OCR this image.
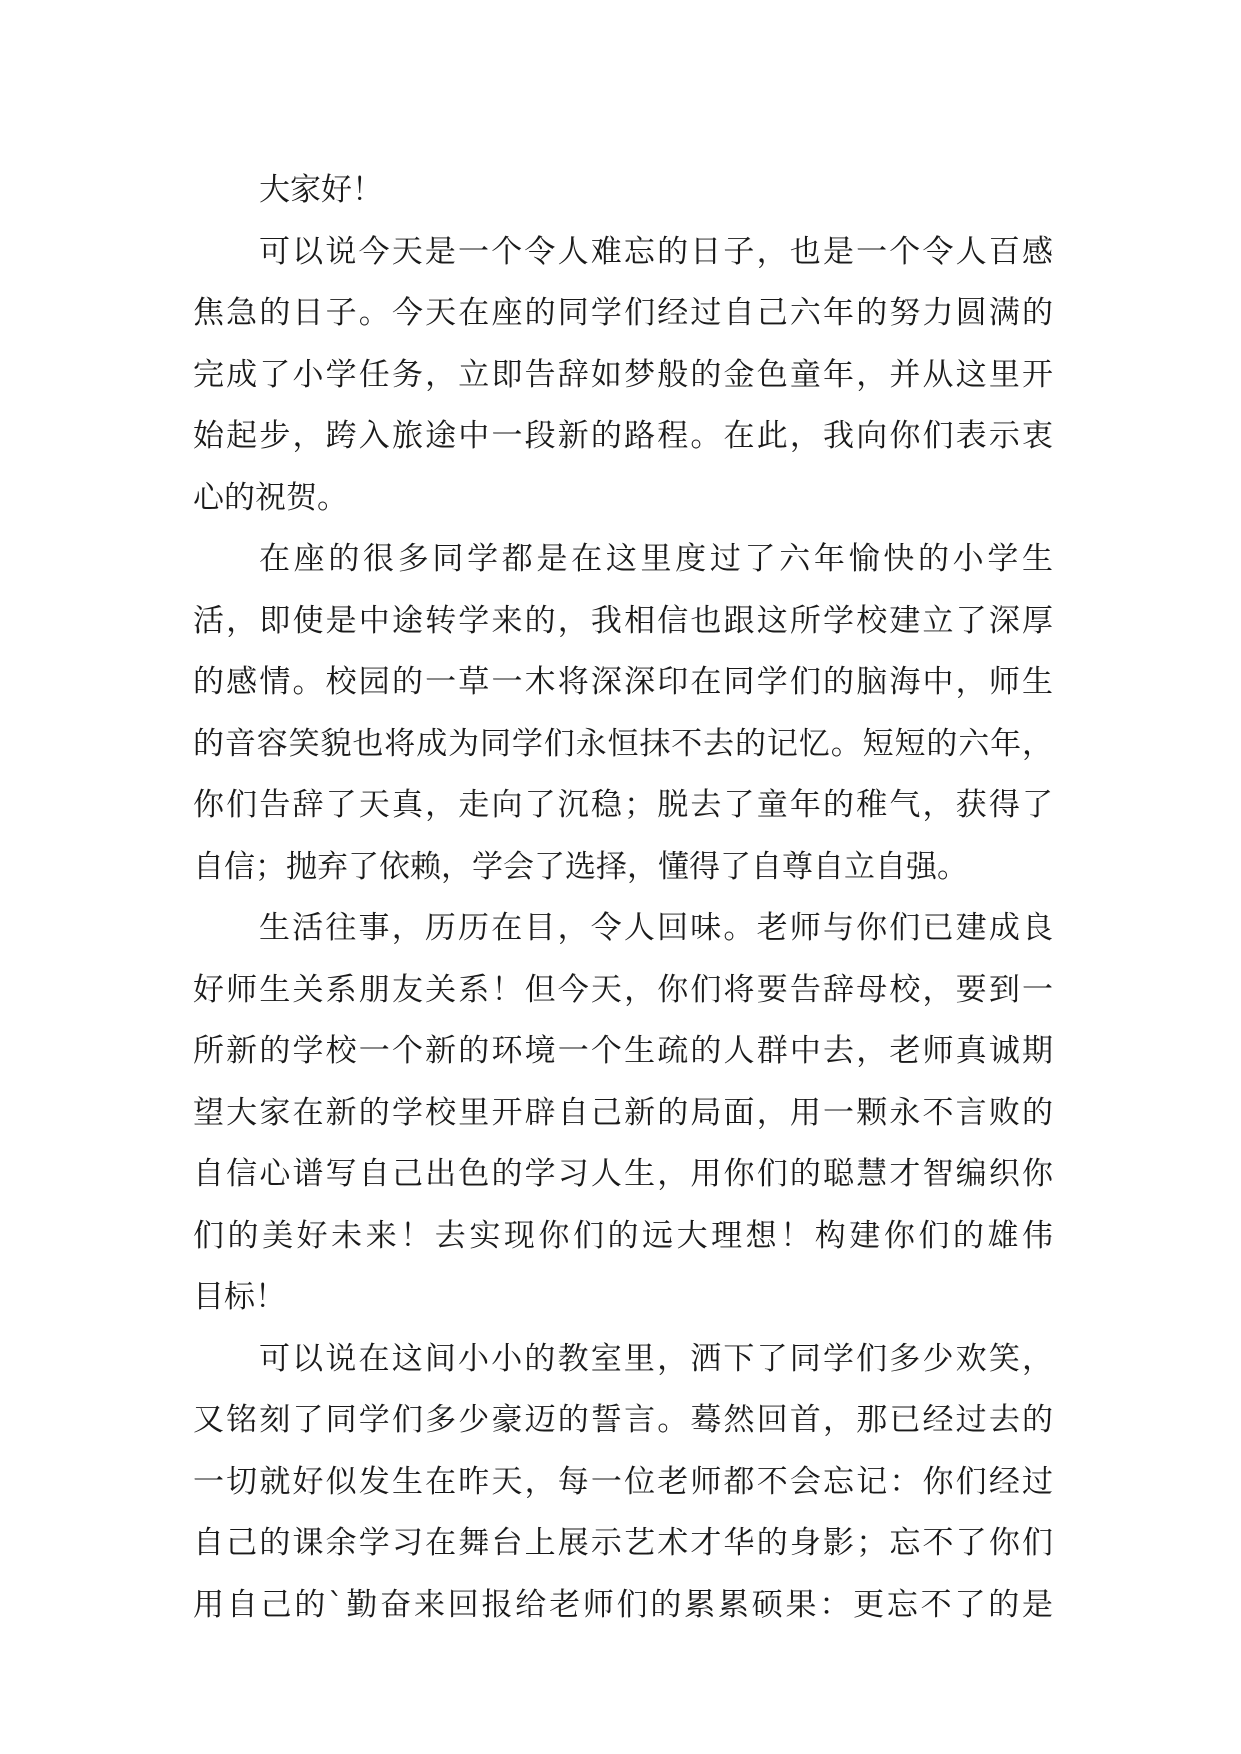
大家好！
可以说今天是一个令人难忘的日子，也是一个令人百感
焦急的日子。今天在座的同学们经过自己六年的努力圆满的
完成了小学任务，立即告辞如梦般的金色童年，并从这里开
始起步，跨入旅途中一段新的路程。在此，我向你们表示衷
心的祝贺。
在座的很多同学都是在这里度过了六年愉快的小学生
活，即使是中途转学来的，我相信也跟这所学校建立了深厚
的感情。校园的一草一木将深深印在同学们的脑海中，师生
的音容笑貌也将成为同学们永恒抹不去的记忆。短短的六年，
你们告辞了天真，走向了沉稳；脱去了童年的稚气，获得了
自信；抛弃了依赖，学会了选择，懂得了自尊自立自强。
生活往事，历历在目，令人回味。老师与你们已建成良
好师生关系朋友关系！但今天，你们将要告辞母校，要到一
所新的学校一个新的环境一个生疏的人群中去，老师真诚期
望大家在新的学校里开辟自己新的局面，用一颗永不言败的
自信心谱写自己出色的学习人生，用你们的聪慧才智编织你
们的美好未来！去实现你们的远大理想！构建你们的雄伟
目标！
可以说在这间小小的教室里，洒下了同学们多少欢笑，
又铭刻了同学们多少豪迈的誓言。蓦然回首，那已经过去的
一切就好似发生在昨天，每一位老师都不会忘记：你们经过
自己的课余学习在舞台上展示艺术才华的身影；忘不了你们
用自己的`勤奋来回报给老师们的累累硕果：更忘不了的是
